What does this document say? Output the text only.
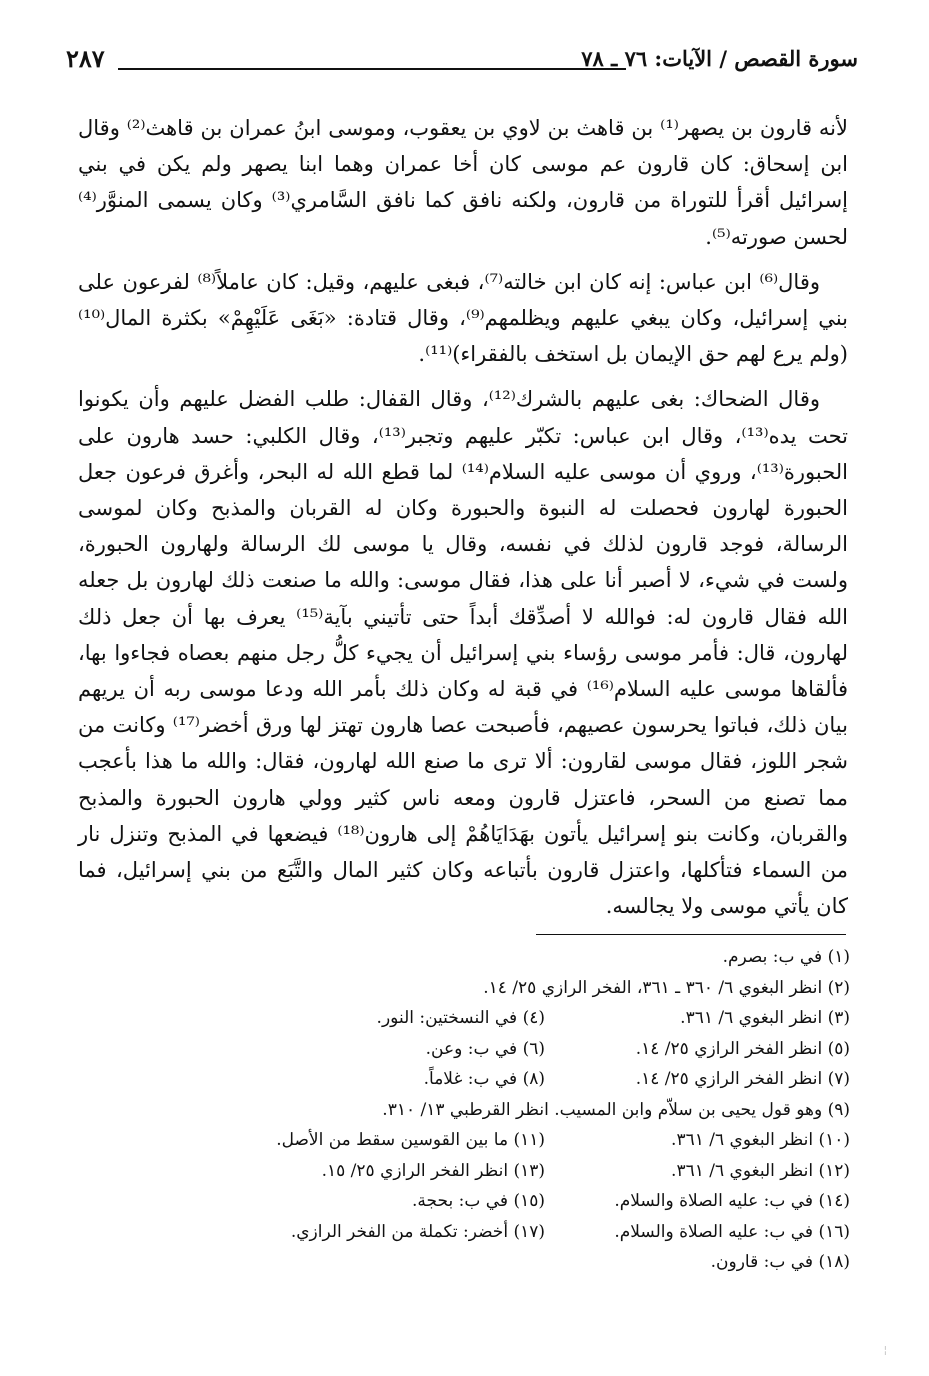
٢٨٧	سورة القصص / الآيات: ٧٦ ـ ٧٨

لأنه قارون بن يصهر⁽¹⁾ بن قاهث بن لاوي بن يعقوب، وموسى ابنُ عمران بن قاهث⁽²⁾ وقال ابن إسحاق: كان قارون عم موسى كان أخا عمران وهما ابنا يصهر ولم يكن في بني إسرائيل أقرأ للتوراة من قارون، ولكنه نافق كما نافق السَّامري⁽³⁾ وكان يسمى المنوَّر⁽⁴⁾ لحسن صورته⁽⁵⁾.

وقال⁽⁶⁾ ابن عباس: إنه كان ابن خالته⁽⁷⁾، فبغى عليهم، وقيل: كان عاملاً⁽⁸⁾ لفرعون على بني إسرائيل، وكان يبغي عليهم ويظلمهم⁽⁹⁾، وقال قتادة: «بَغَى عَلَيْهِمْ» بكثرة المال⁽¹⁰⁾ (ولم يرع لهم حق الإيمان بل استخف بالفقراء)⁽¹¹⁾.

وقال الضحاك: بغى عليهم بالشرك⁽¹²⁾، وقال القفال: طلب الفضل عليهم وأن يكونوا تحت يده⁽¹³⁾، وقال ابن عباس: تكبّر عليهم وتجبر⁽¹³⁾، وقال الكلبي: حسد هارون على الحبورة⁽¹³⁾، وروي أن موسى عليه السلام⁽¹⁴⁾ لما قطع الله له البحر، وأغرق فرعون جعل الحبورة لهارون فحصلت له النبوة والحبورة وكان له القربان والمذبح وكان لموسى الرسالة، فوجد قارون لذلك في نفسه، وقال يا موسى لك الرسالة ولهارون الحبورة، ولست في شيء، لا أصبر أنا على هذا، فقال موسى: والله ما صنعت ذلك لهارون بل جعله الله فقال قارون له: فوالله لا أصدِّقك أبداً حتى تأتيني بآية⁽¹⁵⁾ يعرف بها أن جعل ذلك لهارون، قال: فأمر موسى رؤساء بني إسرائيل أن يجيء كلُّ رجل منهم بعصاه فجاءوا بها، فألقاها موسى عليه السلام⁽¹⁶⁾ في قبة له وكان ذلك بأمر الله ودعا موسى ربه أن يريهم بيان ذلك، فباتوا يحرسون عصيهم، فأصبحت عصا هارون تهتز لها ورق أخضر⁽¹⁷⁾ وكانت من شجر اللوز، فقال موسى لقارون: ألا ترى ما صنع الله لهارون، فقال: والله ما هذا بأعجب مما تصنع من السحر، فاعتزل قارون ومعه ناس كثير وولي هارون الحبورة والمذبح والقربان، وكانت بنو إسرائيل يأتون بهَدَايَاهُمْ إلى هارون⁽¹⁸⁾ فيضعها في المذبح وتنزل نار من السماء فتأكلها، واعتزل قارون بأتباعه وكان كثير المال والتَّبَع من بني إسرائيل، فما كان يأتي موسى ولا يجالسه.

(١) في ب: بصرم.
(٢) انظر البغوي ٦/ ٣٦٠ ـ ٣٦١، الفخر الرازي ٢٥/ ١٤.
(٣) انظر البغوي ٦/ ٣٦١.
(٤) في النسختين: النور.
(٥) انظر الفخر الرازي ٢٥/ ١٤.
(٦) في ب: وعن.
(٧) انظر الفخر الرازي ٢٥/ ١٤.
(٨) في ب: غلاماً.
(٩) وهو قول يحيى بن سلاّم وابن المسيب. انظر القرطبي ١٣/ ٣١٠.
(١٠) انظر البغوي ٦/ ٣٦١.
(١١) ما بين القوسين سقط من الأصل.
(١٢) انظر البغوي ٦/ ٣٦١.
(١٣) انظر الفخر الرازي ٢٥/ ١٥.
(١٤) في ب: عليه الصلاة والسلام.
(١٥) في ب: بحجة.
(١٦) في ب: عليه الصلاة والسلام.
(١٧) أخضر: تكملة من الفخر الرازي.
(١٨) في ب: قارون.
¦
